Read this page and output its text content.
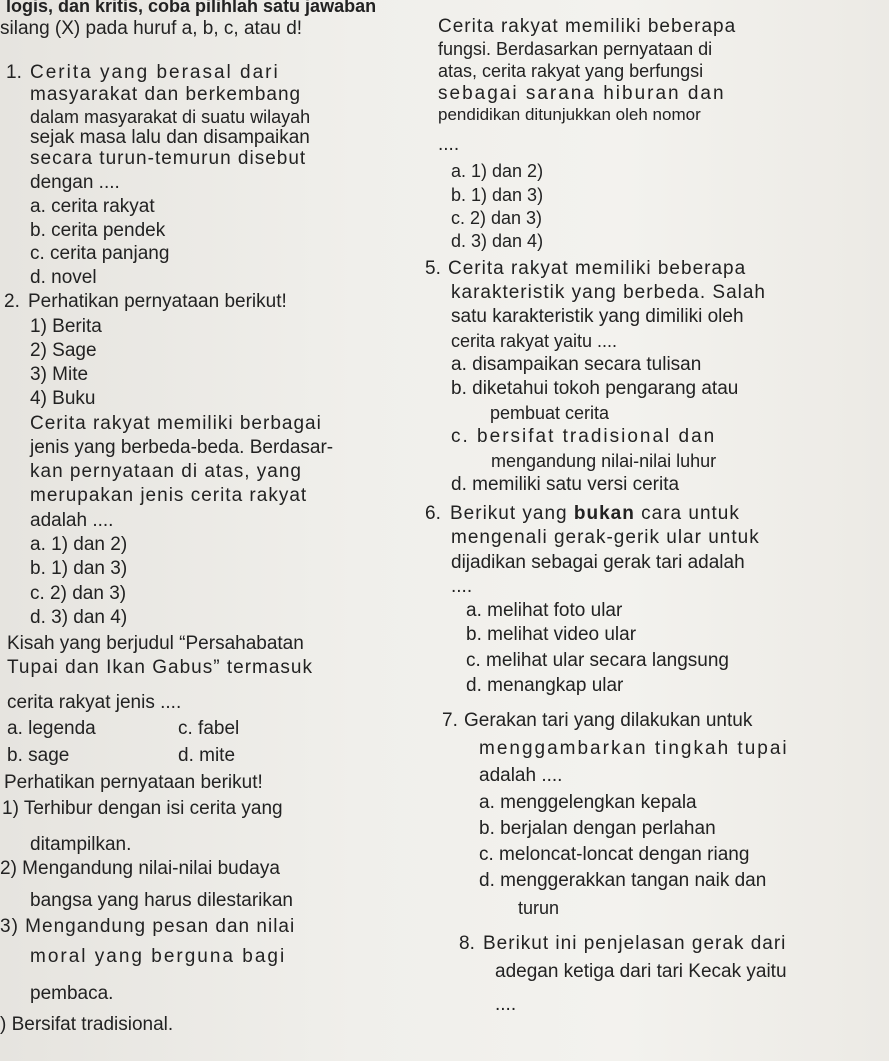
logis, dan kritis, coba pilihlah satu jawaban
silang (X) pada huruf a, b, c, atau d!
1. Cerita yang berasal dari
masyarakat dan berkembang
dalam masyarakat di suatu wilayah
sejak masa lalu dan disampaikan
secara turun-temurun disebut
dengan ....
a. cerita rakyat
b. cerita pendek
c. cerita panjang
d. novel
2. Perhatikan pernyataan berikut!
1) Berita
2) Sage
3) Mite
4) Buku
Cerita rakyat memiliki berbagai
jenis yang berbeda-beda. Berdasar-
kan pernyataan di atas, yang
merupakan jenis cerita rakyat
adalah ....
a. 1) dan 2)
b. 1) dan 3)
c. 2) dan 3)
d. 3) dan 4)
Kisah yang berjudul “Persahabatan
Tupai dan Ikan Gabus” termasuk
cerita rakyat jenis ....
a. legenda	c. fabel
b. sage	d. mite
Perhatikan pernyataan berikut!
1) Terhibur dengan isi cerita yang
ditampilkan.
2) Mengandung nilai-nilai budaya
bangsa yang harus dilestarikan
3) Mengandung pesan dan nilai
moral yang berguna bagi
pembaca.
) Bersifat tradisional.
Cerita rakyat memiliki beberapa
fungsi. Berdasarkan pernyataan di
atas, cerita rakyat yang berfungsi
sebagai sarana hiburan dan
pendidikan ditunjukkan oleh nomor
....
a. 1) dan 2)
b. 1) dan 3)
c. 2) dan 3)
d. 3) dan 4)
5. Cerita rakyat memiliki beberapa
karakteristik yang berbeda. Salah
satu karakteristik yang dimiliki oleh
cerita rakyat yaitu ....
a. disampaikan secara tulisan
b. diketahui tokoh pengarang atau
pembuat cerita
c. bersifat tradisional dan
mengandung nilai-nilai luhur
d. memiliki satu versi cerita
6. Berikut yang bukan cara untuk
mengenali gerak-gerik ular untuk
dijadikan sebagai gerak tari adalah
....
a. melihat foto ular
b. melihat video ular
c. melihat ular secara langsung
d. menangkap ular
7. Gerakan tari yang dilakukan untuk
menggambarkan tingkah tupai
adalah ....
a. menggelengkan kepala
b. berjalan dengan perlahan
c. meloncat-loncat dengan riang
d. menggerakkan tangan naik dan
turun
8. Berikut ini penjelasan gerak dari
adegan ketiga dari tari Kecak yaitu
....
